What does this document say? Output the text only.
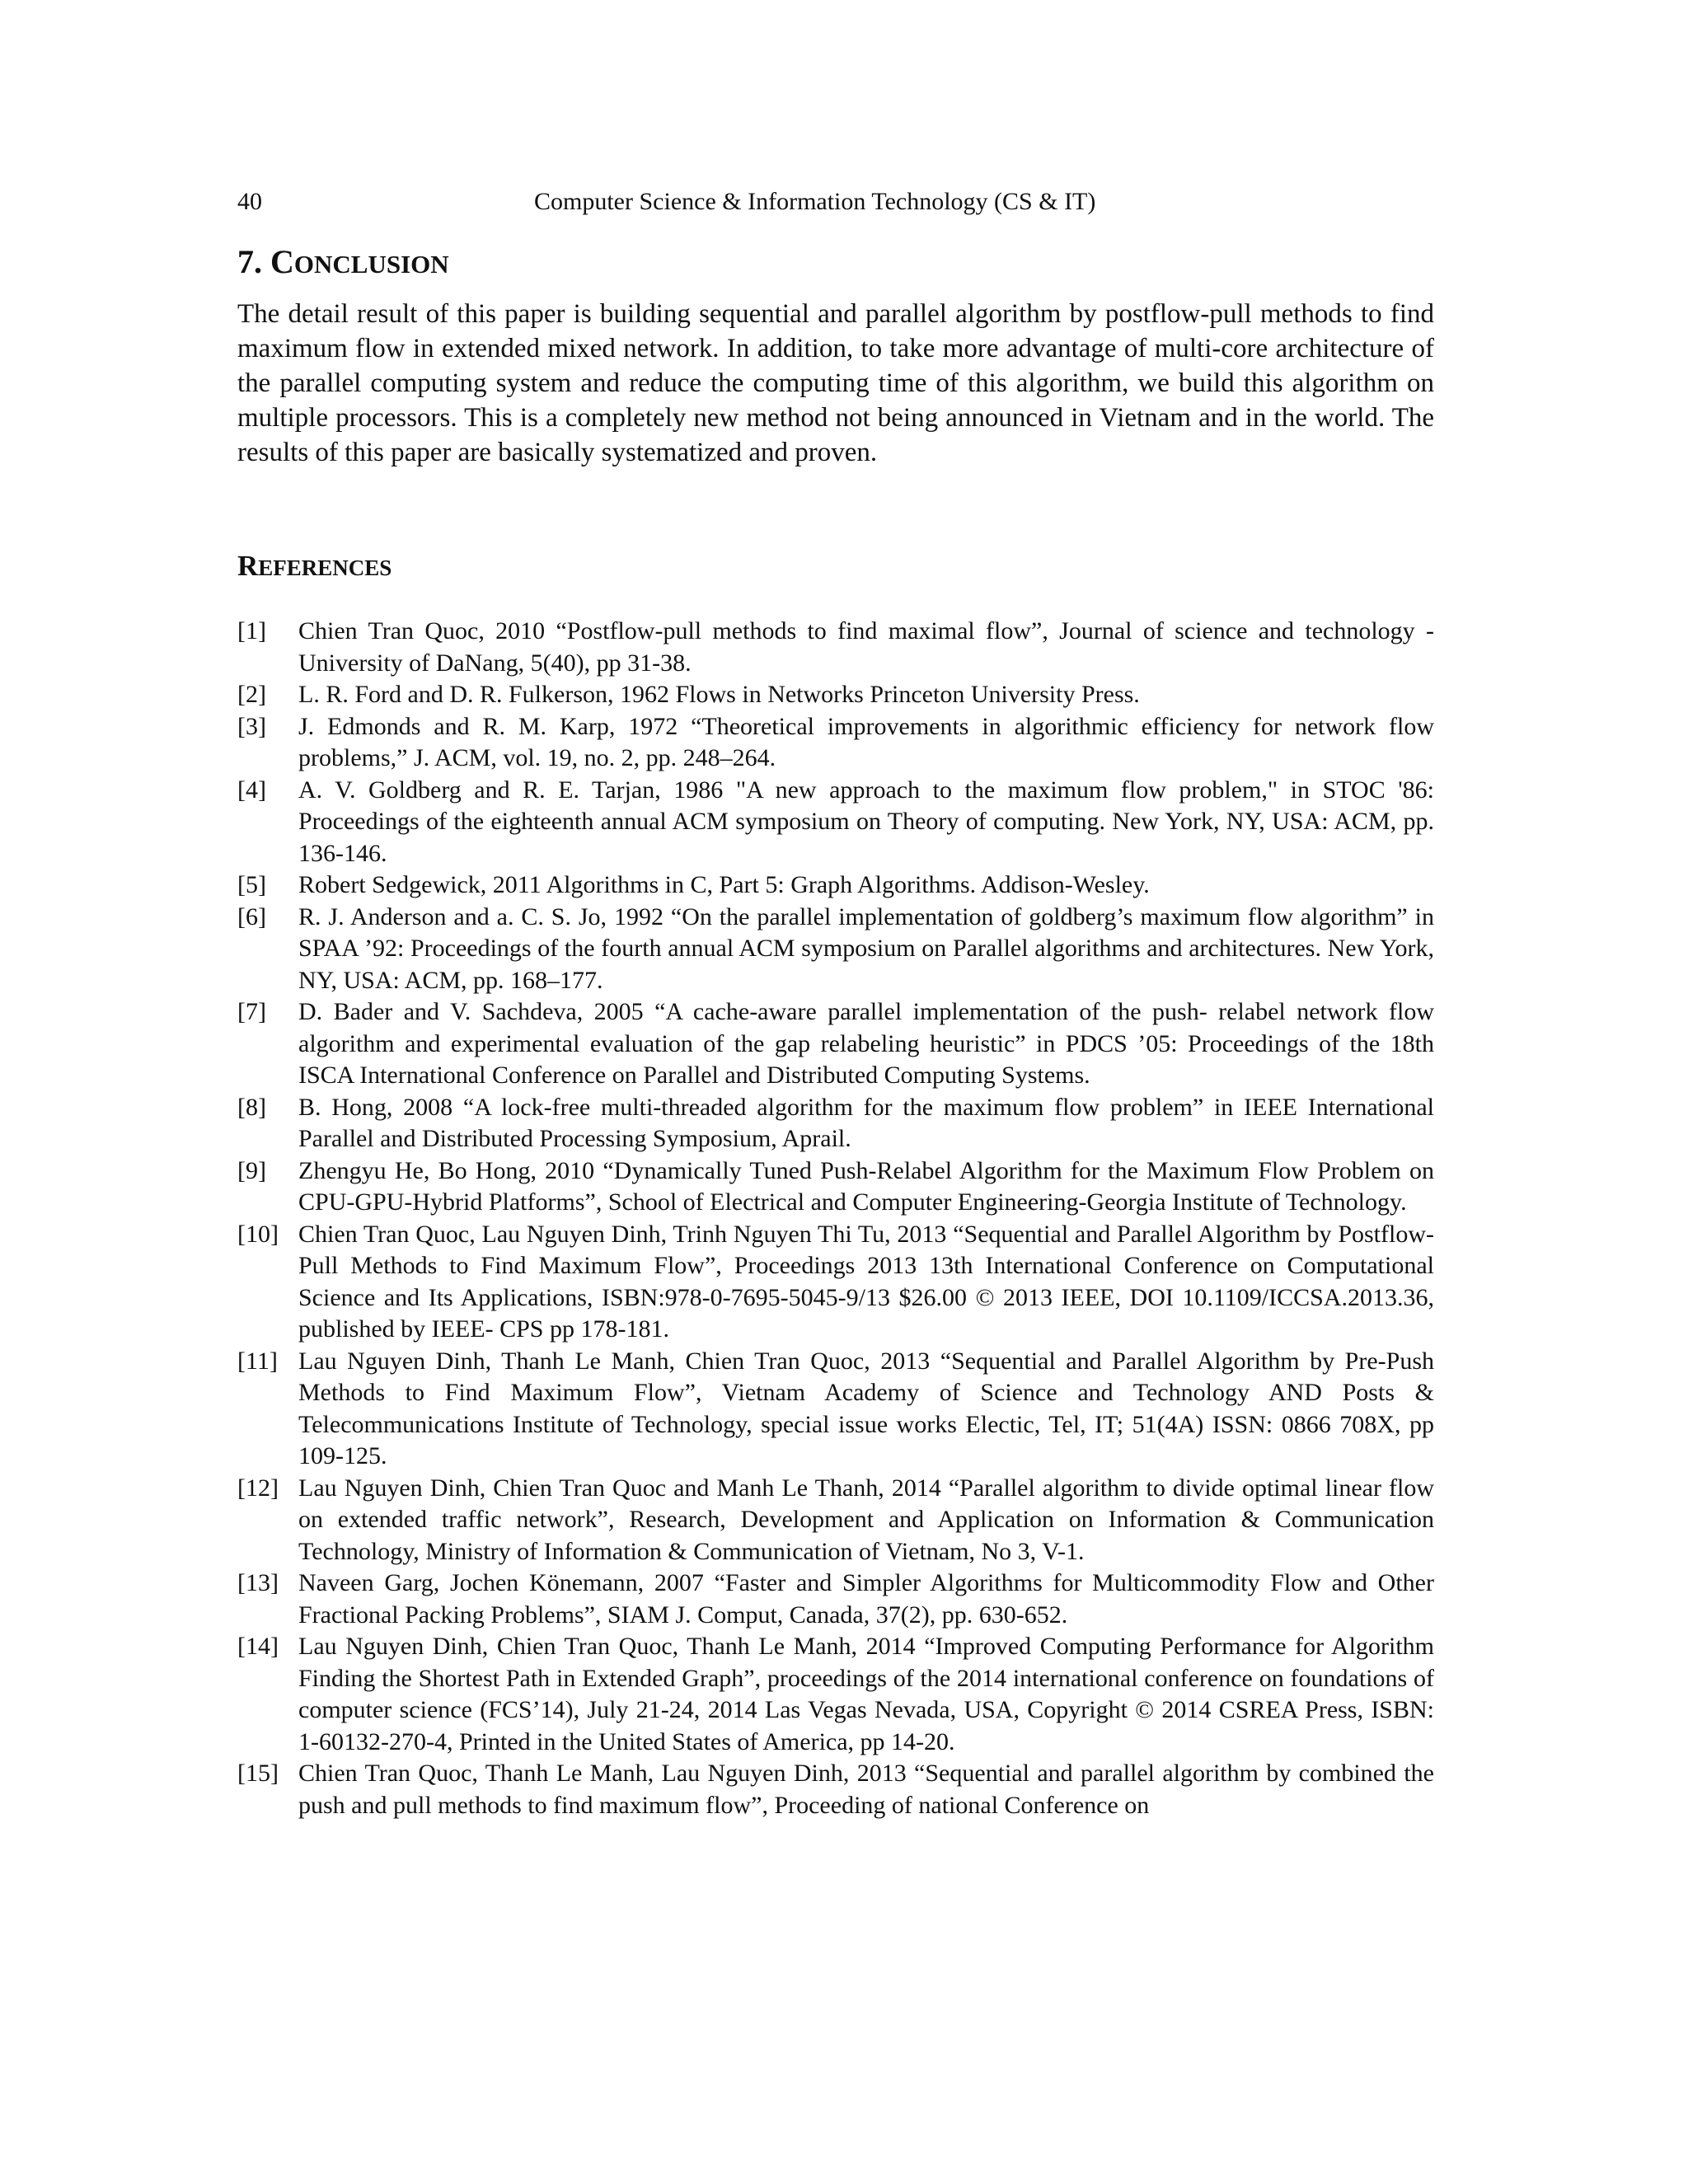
40	Computer Science & Information Technology (CS & IT)
7. CONCLUSION

The detail result of this paper is building sequential and parallel algorithm by postflow-pull methods to find maximum flow in extended mixed network. In addition, to take more advantage of multi-core architecture of the parallel computing system and reduce the computing time of this algorithm, we build this algorithm on multiple processors. This is a completely new method not being announced in Vietnam and in the world. The results of this paper are basically systematized and proven.

REFERENCES
[1]	Chien Tran Quoc, 2010 “Postflow-pull methods to find maximal flow”, Journal of science and technology - University of DaNang, 5(40), pp 31-38.
[2]	L. R. Ford and D. R. Fulkerson, 1962 Flows in Networks Princeton University Press.
[3]	J. Edmonds and R. M. Karp, 1972 “Theoretical improvements in algorithmic efficiency for network flow problems,” J. ACM, vol. 19, no. 2, pp. 248–264.
[4]	A. V. Goldberg and R. E. Tarjan, 1986 "A new approach to the maximum flow problem," in STOC '86: Proceedings of the eighteenth annual ACM symposium on Theory of computing. New York, NY, USA: ACM, pp. 136-146.
[5]	Robert Sedgewick, 2011 Algorithms in C, Part 5: Graph Algorithms. Addison-Wesley.
[6]	R. J. Anderson and a. C. S. Jo, 1992 “On the parallel implementation of goldberg’s maximum flow algorithm” in SPAA ’92: Proceedings of the fourth annual ACM symposium on Parallel algorithms and architectures. New York, NY, USA: ACM, pp. 168–177.
[7]	D. Bader and V. Sachdeva, 2005 “A cache-aware parallel implementation of the push- relabel network flow algorithm and experimental evaluation of the gap relabeling heuristic” in PDCS ’05: Proceedings of the 18th ISCA International Conference on Parallel and Distributed Computing Systems.
[8]	B. Hong, 2008 “A lock-free multi-threaded algorithm for the maximum flow problem” in IEEE International Parallel and Distributed Processing Symposium, Aprail.
[9]	Zhengyu He, Bo Hong, 2010 “Dynamically Tuned Push-Relabel Algorithm for the Maximum Flow Problem on CPU-GPU-Hybrid Platforms”, School of Electrical and Computer Engineering-Georgia Institute of Technology.
[10] Chien Tran Quoc, Lau Nguyen Dinh, Trinh Nguyen Thi Tu, 2013 “Sequential and Parallel Algorithm by Postflow-Pull Methods to Find Maximum Flow”, Proceedings 2013 13th International Conference on Computational Science and Its Applications, ISBN:978-0-7695-5045-9/13 $26.00 © 2013 IEEE, DOI 10.1109/ICCSA.2013.36, published by IEEE- CPS pp 178-181.
[11] Lau Nguyen Dinh, Thanh Le Manh, Chien Tran Quoc, 2013 “Sequential and Parallel Algorithm by Pre-Push Methods to Find Maximum Flow”, Vietnam Academy of Science and Technology AND Posts & Telecommunications Institute of Technology, special issue works Electic, Tel, IT; 51(4A) ISSN: 0866 708X, pp 109-125.
[12] Lau Nguyen Dinh, Chien Tran Quoc and Manh Le Thanh, 2014 “Parallel algorithm to divide optimal linear flow on extended traffic network”, Research, Development and Application on Information & Communication Technology, Ministry of Information & Communication of Vietnam, No 3, V-1.
[13] Naveen Garg, Jochen Könemann, 2007 “Faster and Simpler Algorithms for Multicommodity Flow and Other Fractional Packing Problems”, SIAM J. Comput, Canada, 37(2), pp. 630-652.
[14] Lau Nguyen Dinh, Chien Tran Quoc, Thanh Le Manh, 2014 “Improved Computing Performance for Algorithm Finding the Shortest Path in Extended Graph”, proceedings of the 2014 international conference on foundations of computer science (FCS’14), July 21-24, 2014 Las Vegas Nevada, USA, Copyright © 2014 CSREA Press, ISBN: 1-60132-270-4, Printed in the United States of America, pp 14-20.
[15] Chien Tran Quoc, Thanh Le Manh, Lau Nguyen Dinh, 2013 “Sequential and parallel algorithm by combined the push and pull methods to find maximum flow”, Proceeding of national Conference on
